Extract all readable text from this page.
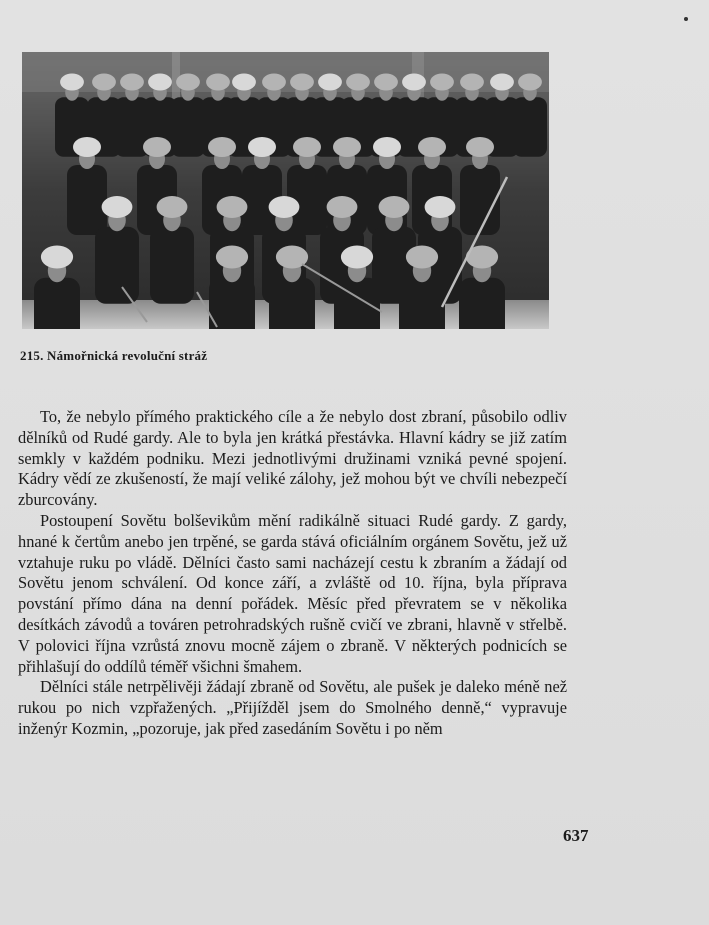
215. Námořnická revoluční stráž

To, že nebylo přímého praktického cíle a že nebylo dost zbraní, působilo odliv dělníků od Rudé gardy. Ale to byla jen krátká přestávka. Hlavní kádry se již zatím semkly v každém podniku. Mezi jednotlivými družinami vzniká pevné spojení. Kádry vědí ze zkušeností, že mají veliké zálohy, jež mohou být ve chvíli nebezpečí zburcovány.

Postoupení Sovětu bolševikům mění radikálně situaci Rudé gardy. Z gardy, hnané k čertům anebo jen trpěné, se garda stává oficiálním orgánem Sovětu, jež už vztahuje ruku po vládě. Dělníci často sami nacházejí cestu k zbraním a žádají od Sovětu jenom schválení. Od konce září, a zvláště od 10. října, byla příprava povstání přímo dána na denní pořádek. Měsíc před převratem se v několika desítkách závodů a továren petrohradských rušně cvičí ve zbrani, hlavně v střelbě. V polovici října vzrůstá znovu mocně zájem o zbraně. V některých podnicích se přihlašují do oddílů téměř všichni šmahem.

Dělníci stále netrpělivěji žádají zbraně od Sovětu, ale pušek je daleko méně než rukou po nich vzpřažených. „Přijížděl jsem do Smolného denně,“ vypravuje inženýr Kozmin, „pozoruje, jak před zasedáním Sovětu i po něm

637
